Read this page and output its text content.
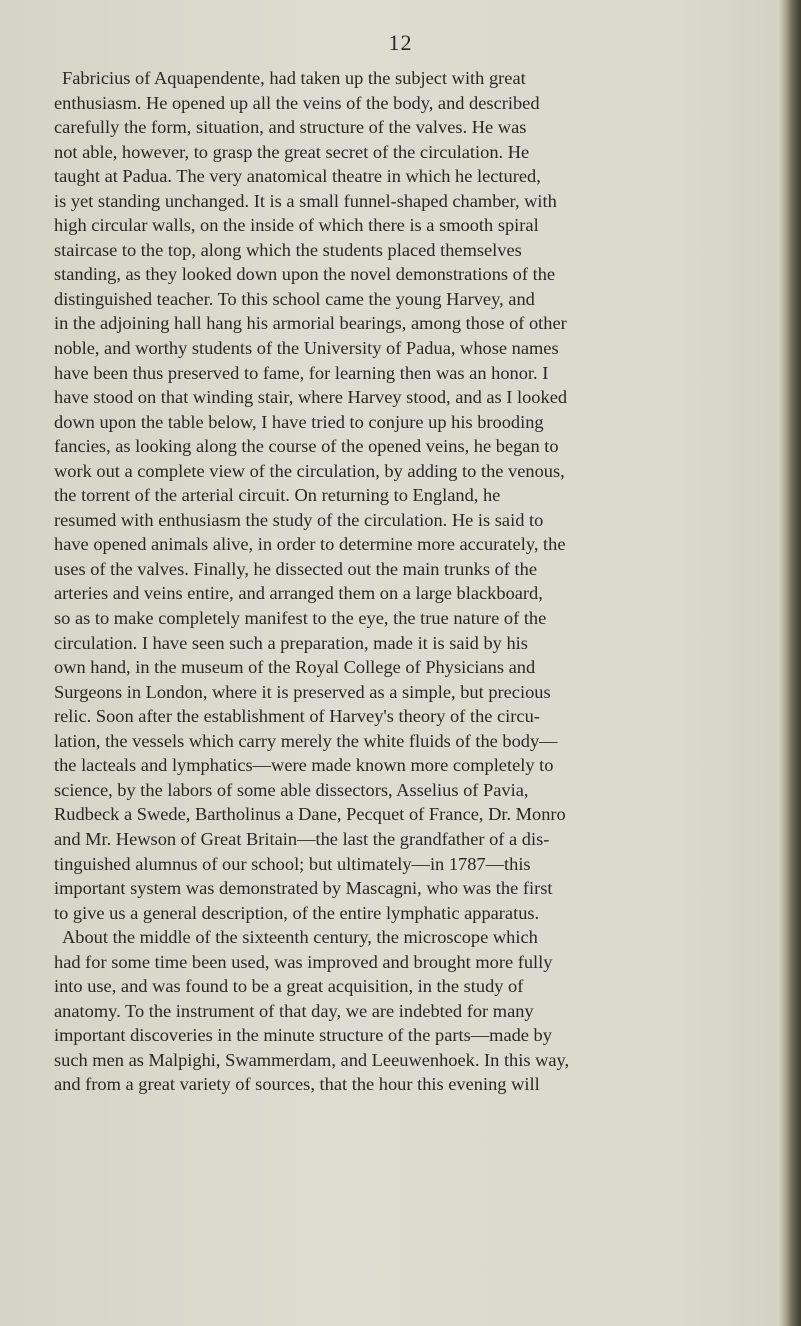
12
Fabricius of Aquapendente, had taken up the subject with great
enthusiasm. He opened up all the veins of the body, and described
carefully the form, situation, and structure of the valves. He was
not able, however, to grasp the great secret of the circulation. He
taught at Padua. The very anatomical theatre in which he lectured,
is yet standing unchanged. It is a small funnel-shaped chamber, with
high circular walls, on the inside of which there is a smooth spiral
staircase to the top, along which the students placed themselves
standing, as they looked down upon the novel demonstrations of the
distinguished teacher. To this school came the young Harvey, and
in the adjoining hall hang his armorial bearings, among those of other
noble, and worthy students of the University of Padua, whose names
have been thus preserved to fame, for learning then was an honor. I
have stood on that winding stair, where Harvey stood, and as I looked
down upon the table below, I have tried to conjure up his brooding
fancies, as looking along the course of the opened veins, he began to
work out a complete view of the circulation, by adding to the venous,
the torrent of the arterial circuit. On returning to England, he
resumed with enthusiasm the study of the circulation. He is said to
have opened animals alive, in order to determine more accurately, the
uses of the valves. Finally, he dissected out the main trunks of the
arteries and veins entire, and arranged them on a large blackboard,
so as to make completely manifest to the eye, the true nature of the
circulation. I have seen such a preparation, made it is said by his
own hand, in the museum of the Royal College of Physicians and
Surgeons in London, where it is preserved as a simple, but precious
relic. Soon after the establishment of Harvey's theory of the circu-
lation, the vessels which carry merely the white fluids of the body—
the lacteals and lymphatics—were made known more completely to
science, by the labors of some able dissectors, Asselius of Pavia,
Rudbeck a Swede, Bartholinus a Dane, Pecquet of France, Dr. Monro
and Mr. Hewson of Great Britain—the last the grandfather of a dis-
tinguished alumnus of our school; but ultimately—in 1787—this
important system was demonstrated by Mascagni, who was the first
to give us a general description, of the entire lymphatic apparatus.
About the middle of the sixteenth century, the microscope which
had for some time been used, was improved and brought more fully
into use, and was found to be a great acquisition, in the study of
anatomy. To the instrument of that day, we are indebted for many
important discoveries in the minute structure of the parts—made by
such men as Malpighi, Swammerdam, and Leeuwenhoek. In this way,
and from a great variety of sources, that the hour this evening will
